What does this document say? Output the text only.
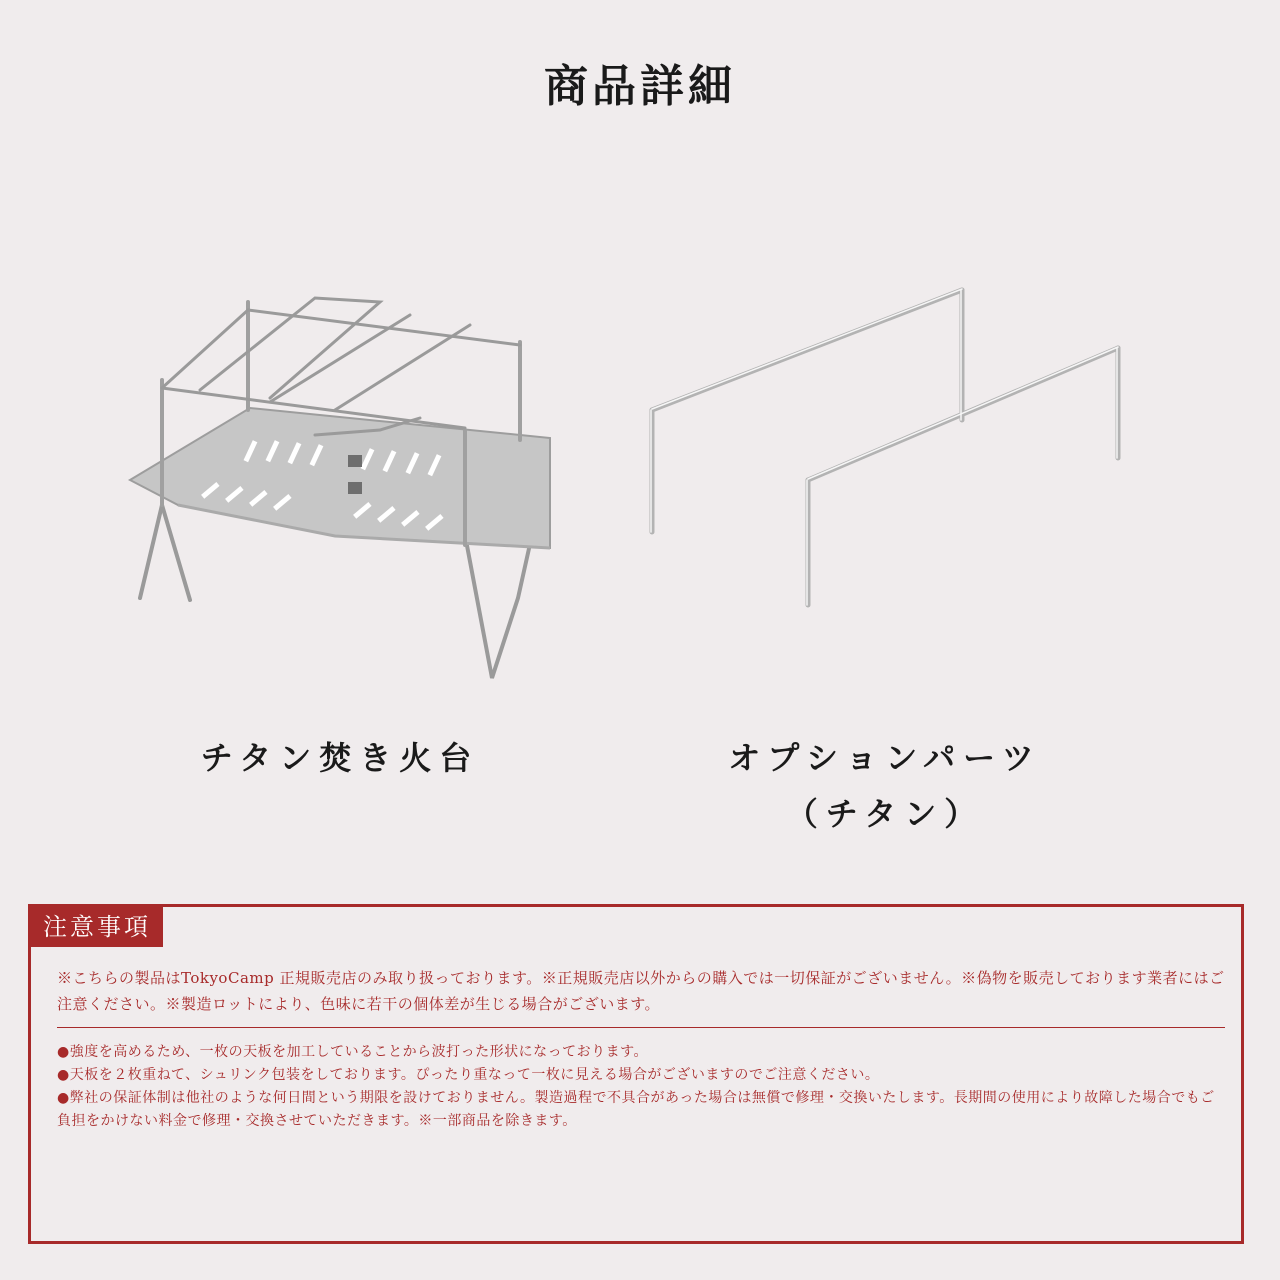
商品詳細
チタン焚き火台	オプションパーツ
（チタン）
注意事項
※こちらの製品はTokyoCamp 正規販売店のみ取り扱っております。※正規販売店以外からの購入では一切保証がございません。※偽物を販売しております業者にはご注意ください。※製造ロットにより、色味に若干の個体差が生じる場合がございます。
●強度を高めるため、一枚の天板を加工していることから波打った形状になっております。
●天板を２枚重ねて、シュリンク包装をしております。ぴったり重なって一枚に見える場合がございますのでご注意ください。
●弊社の保証体制は他社のような何日間という期限を設けておりません。製造過程で不具合があった場合は無償で修理・交換いたします。長期間の使用により故障した場合でもご負担をかけない料金で修理・交換させていただきます。※一部商品を除きます。
